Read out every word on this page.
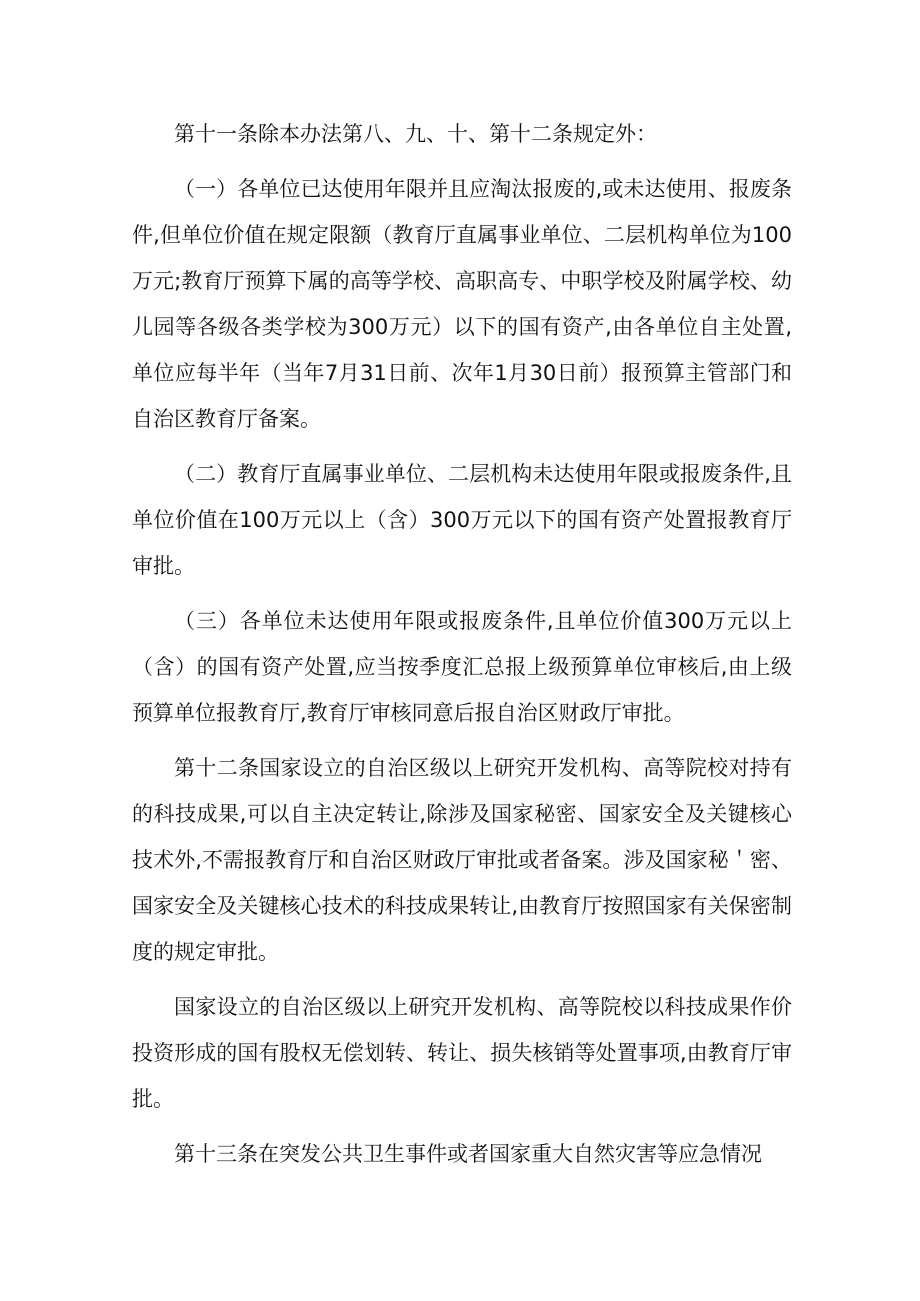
第十一条除本办法第八、九、十、第十二条规定外：

（一）各单位已达使用年限并且应淘汰报废的,或未达使用、报废条件,但单位价值在规定限额（教育厅直属事业单位、二层机构单位为100万元;教育厅预算下属的高等学校、高职高专、中职学校及附属学校、幼儿园等各级各类学校为300万元）以下的国有资产,由各单位自主处置,单位应每半年（当年7月31日前、次年1月30日前）报预算主管部门和自治区教育厅备案。

（二）教育厅直属事业单位、二层机构未达使用年限或报废条件,且单位价值在100万元以上（含）300万元以下的国有资产处置报教育厅审批。

（三）各单位未达使用年限或报废条件,且单位价值300万元以上（含）的国有资产处置,应当按季度汇总报上级预算单位审核后,由上级预算单位报教育厅,教育厅审核同意后报自治区财政厅审批。

第十二条国家设立的自治区级以上研究开发机构、高等院校对持有的科技成果,可以自主决定转让,除涉及国家秘密、国家安全及关键核心技术外,不需报教育厅和自治区财政厅审批或者备案。涉及国家秘＇密、国家安全及关键核心技术的科技成果转让,由教育厅按照国家有关保密制度的规定审批。

国家设立的自治区级以上研究开发机构、高等院校以科技成果作价投资形成的国有股权无偿划转、转让、损失核销等处置事项,由教育厅审批。

第十三条在突发公共卫生事件或者国家重大自然灾害等应急情况
